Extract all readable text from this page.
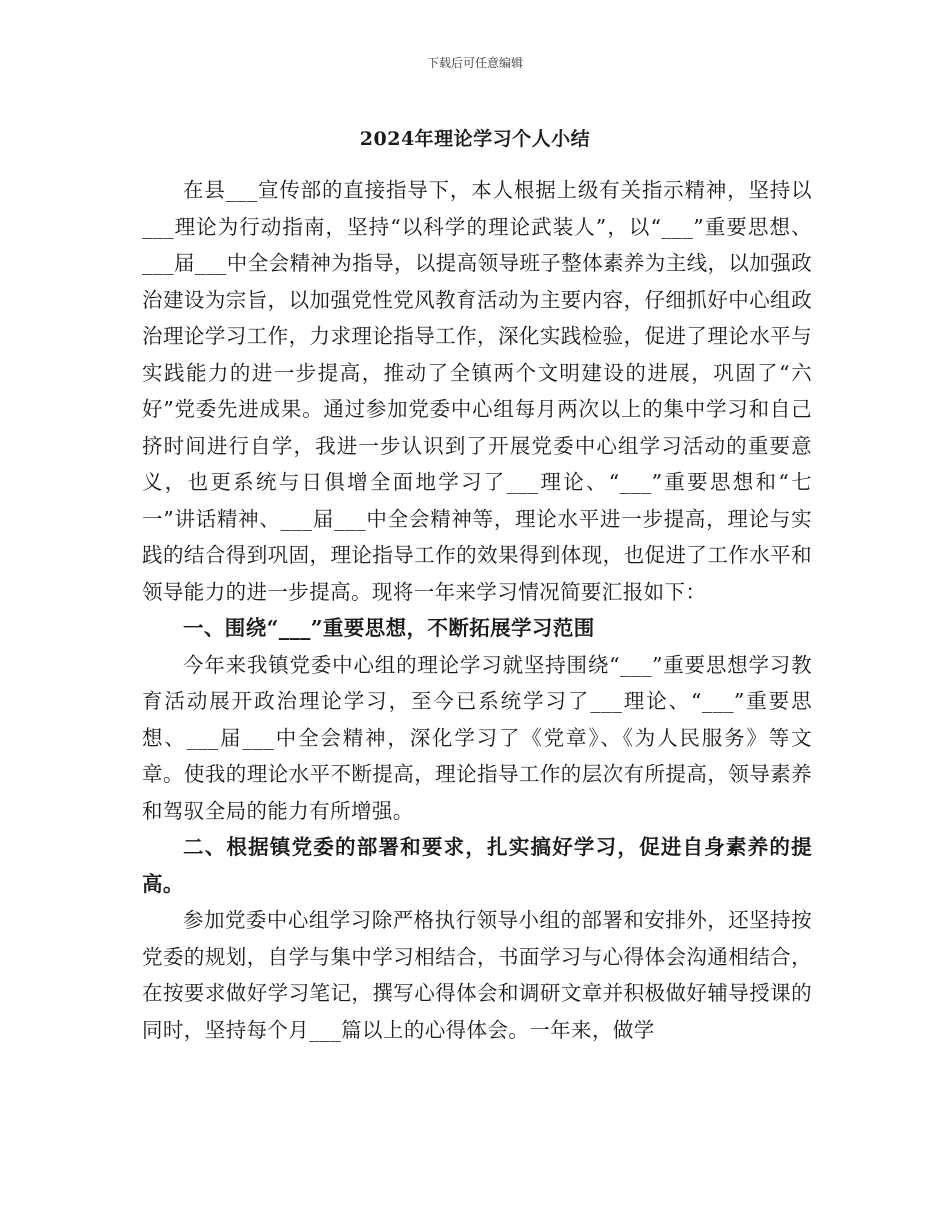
下载后可任意编辑
2024年理论学习个人小结

在县___宣传部的直接指导下，本人根据上级有关指示精神，坚持以___理论为行动指南，坚持“以科学的理论武装人”，以“___”重要思想、___届___中全会精神为指导，以提高领导班子整体素养为主线，以加强政治建设为宗旨，以加强党性党风教育活动为主要内容，仔细抓好中心组政治理论学习工作，力求理论指导工作，深化实践检验，促进了理论水平与实践能力的进一步提高，推动了全镇两个文明建设的进展，巩固了“六好”党委先进成果。通过参加党委中心组每月两次以上的集中学习和自己挤时间进行自学，我进一步认识到了开展党委中心组学习活动的重要意义，也更系统与日俱增全面地学习了___理论、“___”重要思想和“七一”讲话精神、___届___中全会精神等，理论水平进一步提高，理论与实践的结合得到巩固，理论指导工作的效果得到体现，也促进了工作水平和领导能力的进一步提高。现将一年来学习情况简要汇报如下：

一、围绕“___”重要思想，不断拓展学习范围

今年来我镇党委中心组的理论学习就坚持围绕“___”重要思想学习教育活动展开政治理论学习，至今已系统学习了___理论、“___”重要思想、___届___中全会精神，深化学习了《党章》、《为人民服务》等文章。使我的理论水平不断提高，理论指导工作的层次有所提高，领导素养和驾驭全局的能力有所增强。

二、根据镇党委的部署和要求，扎实搞好学习，促进自身素养的提高。

参加党委中心组学习除严格执行领导小组的部署和安排外，还坚持按党委的规划，自学与集中学习相结合，书面学习与心得体会沟通相结合，在按要求做好学习笔记，撰写心得体会和调研文章并积极做好辅导授课的同时，坚持每个月___篇以上的心得体会。一年来，做学
